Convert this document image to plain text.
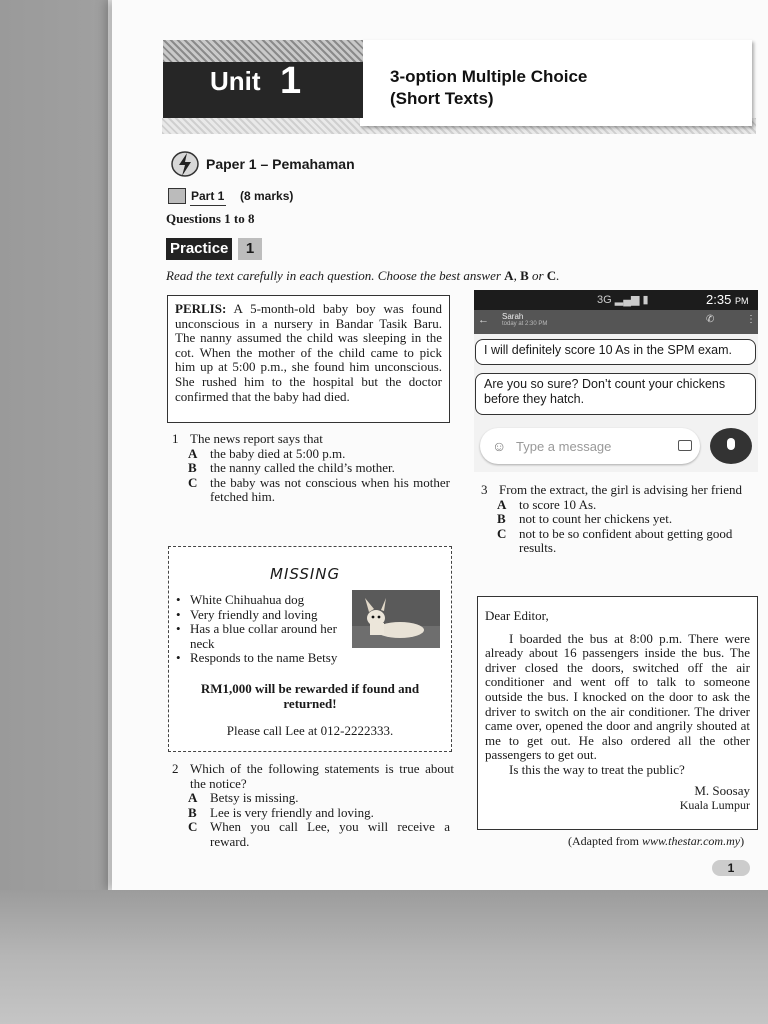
Unit 1	3-option Multiple Choice
(Short Texts)
Paper 1 – Pemahaman
Part 1 (8 marks)
Questions 1 to 8
Practice	1
Read the text carefully in each question. Choose the best answer A, B or C.
PERLIS: A 5-month-old baby boy was found unconscious in a nursery in Bandar Tasik Baru. The nanny assumed the child was sleeping in the cot. When the mother of the child came to pick him up at 5:00 p.m., she found him unconscious. She rushed him to the hospital but the doctor confirmed that the baby had died.
1 The news report says that
A the baby died at 5:00 p.m.
B	the nanny called the child’s mother.
C the baby was not conscious when his mother fetched him.
MISSING
• White Chihuahua dog
• Very friendly and loving
• Has a blue collar around her neck
• Responds to the name Betsy
RM1,000 will be rewarded if found and returned!
Please call Lee at 012-2222333.
2 Which of the following statements is true about the notice?
A Betsy is missing.
B	Lee is very friendly and loving.
C When you call Lee, you will receive a reward.
3G ▂▄▆ ▮	2:35 PM
← Sarah
today at 2:30 PM	✆	⋮
I will definitely score 10 As in the SPM exam.
Are you so sure? Don’t count your chickens before they hatch.
☺ Type a message
3 From the extract, the girl is advising her friend
A to score 10 As.
B	not to count her chickens yet.
C not to be so confident about getting good results.
Dear Editor,
I boarded the bus at 8:00 p.m. There were already about 16 passengers inside the bus. The driver closed the doors, switched off the air conditioner and went off to talk to someone outside the bus. I knocked on the door to ask the driver to switch on the air conditioner. The driver came over, opened the door and angrily shouted at me to get out. He also ordered all the other passengers to get out.
Is this the way to treat the public?
M. Soosay
Kuala Lumpur
(Adapted from www.thestar.com.my)
1
